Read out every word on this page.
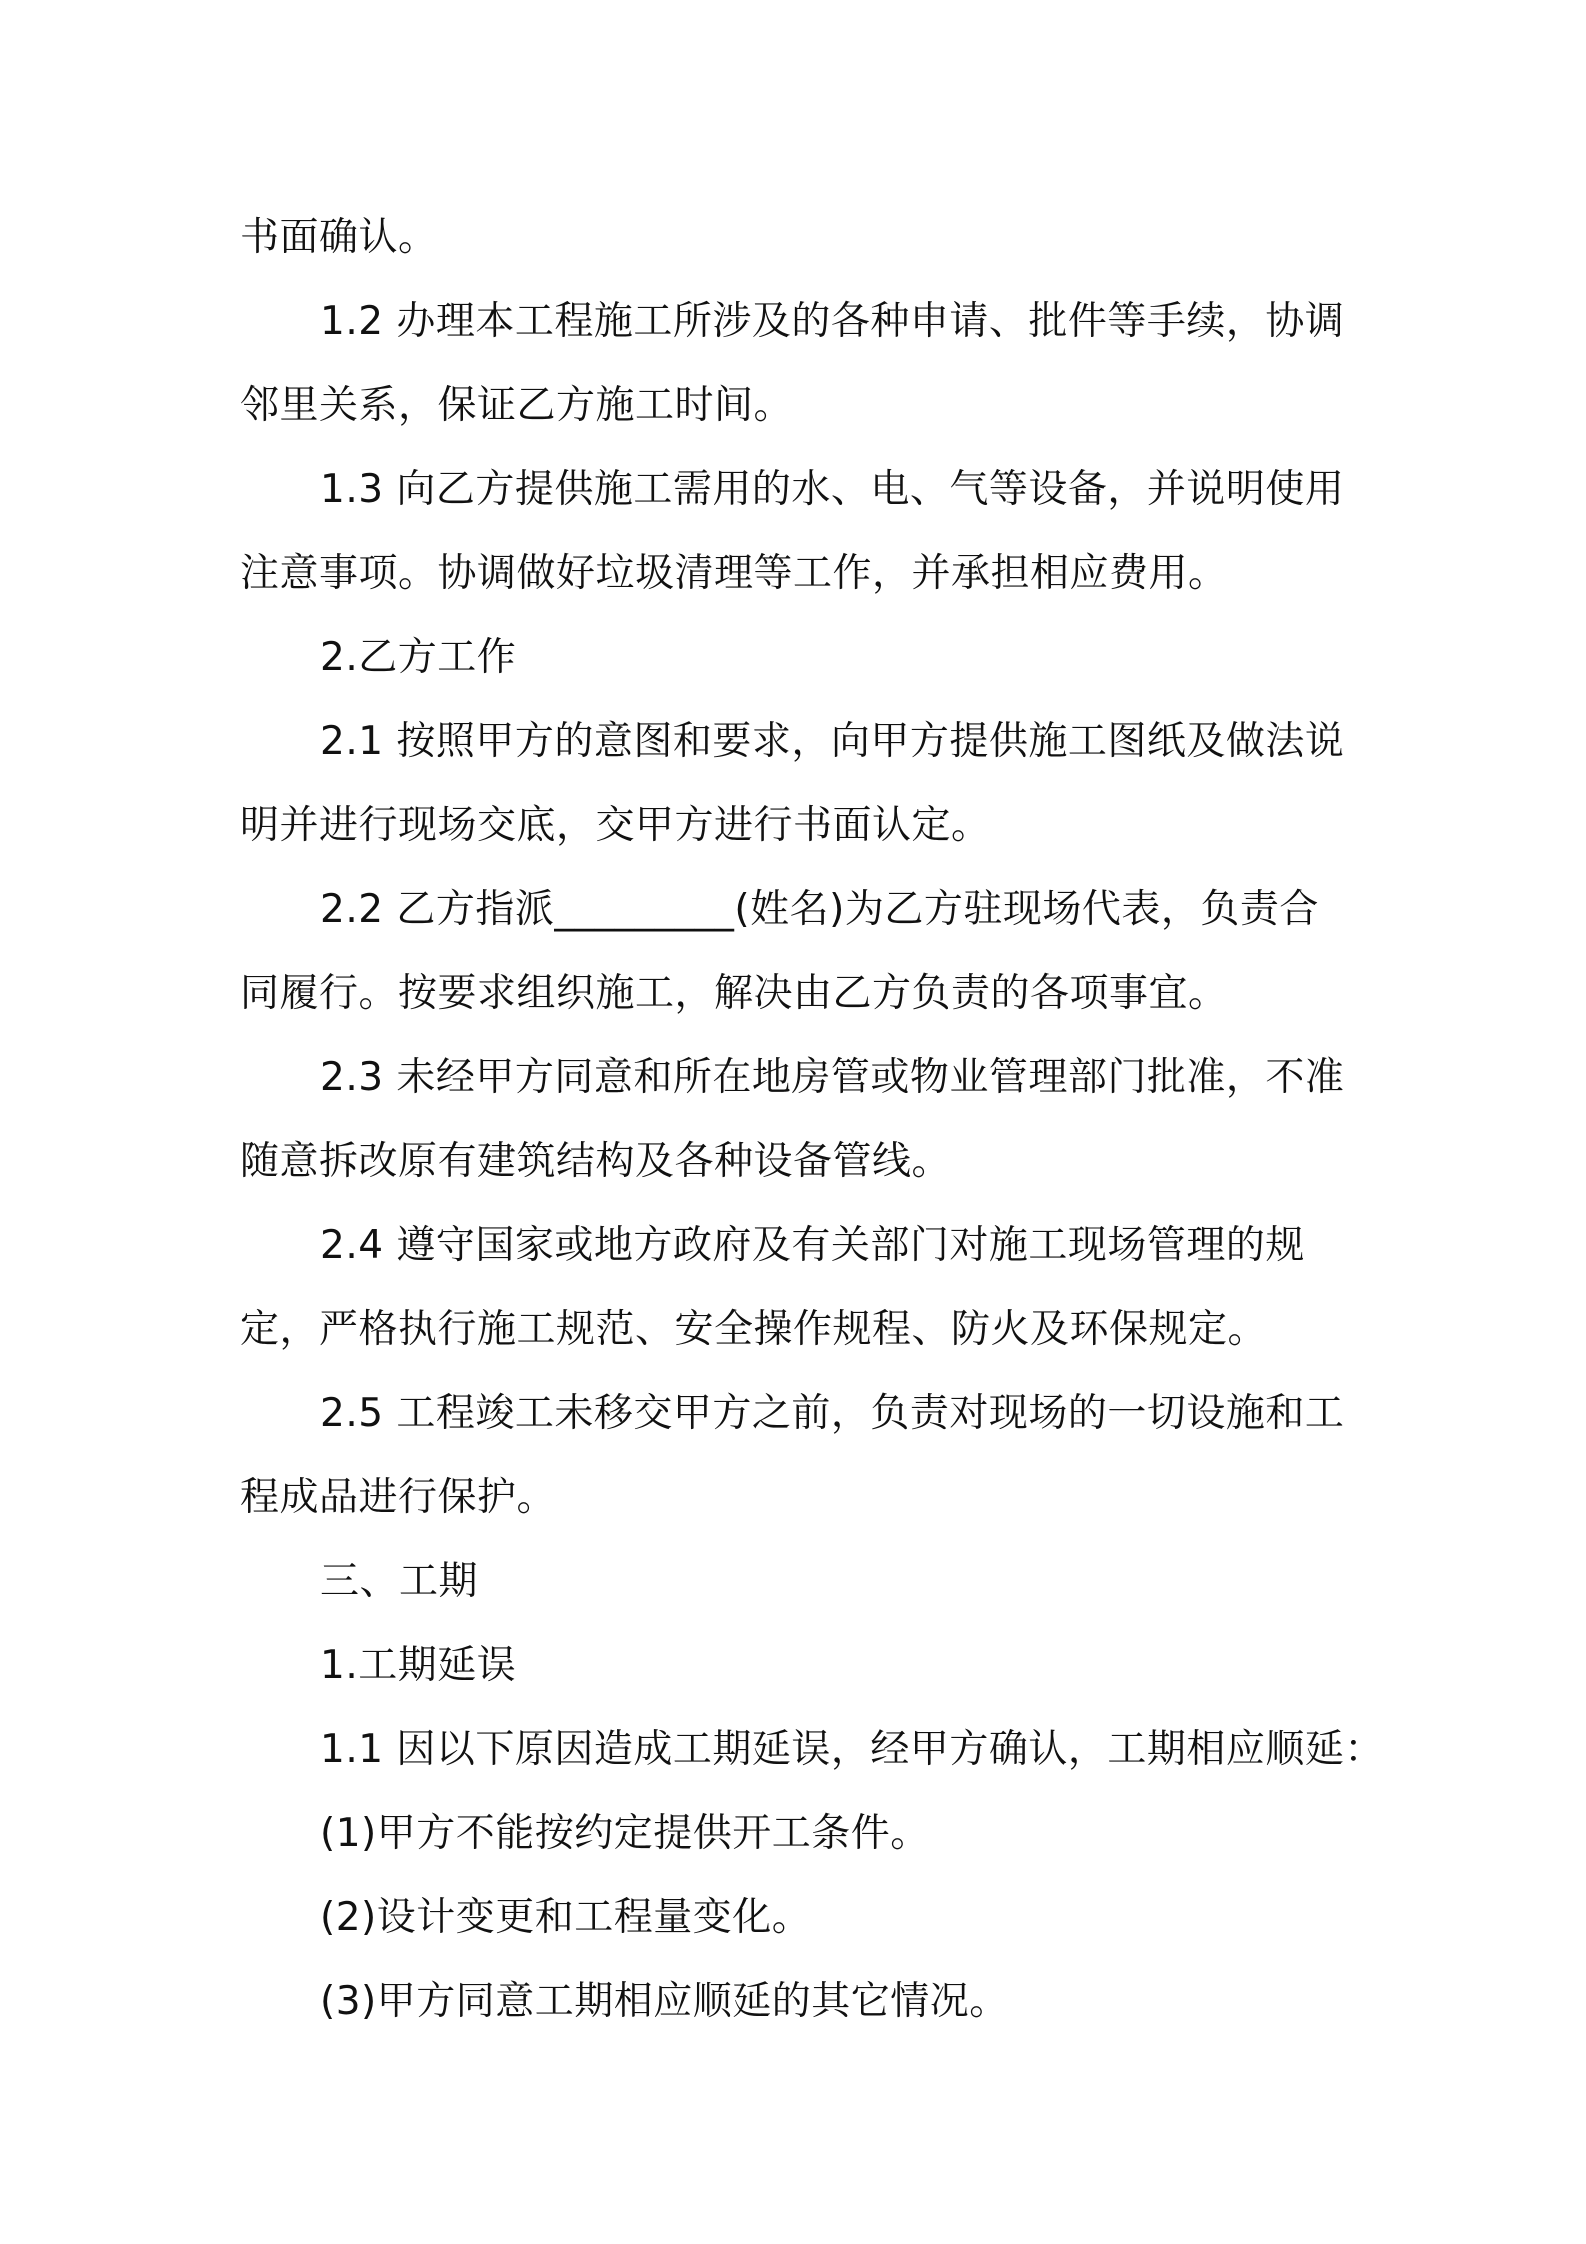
书面确认。
1.2 办理本工程施工所涉及的各种申请、批件等手续，协调
邻里关系，保证乙方施工时间。
1.3 向乙方提供施工需用的水、电、气等设备，并说明使用
注意事项。协调做好垃圾清理等工作，并承担相应费用。
2.乙方工作
2.1 按照甲方的意图和要求，向甲方提供施工图纸及做法说
明并进行现场交底，交甲方进行书面认定。
2.2 乙方指派_________(姓名)为乙方驻现场代表，负责合
同履行。按要求组织施工，解决由乙方负责的各项事宜。
2.3 未经甲方同意和所在地房管或物业管理部门批准，不准
随意拆改原有建筑结构及各种设备管线。
2.4 遵守国家或地方政府及有关部门对施工现场管理的规
定，严格执行施工规范、安全操作规程、防火及环保规定。
2.5 工程竣工未移交甲方之前，负责对现场的一切设施和工
程成品进行保护。
三、工期
1.工期延误
1.1 因以下原因造成工期延误，经甲方确认，工期相应顺延：
(1)甲方不能按约定提供开工条件。
(2)设计变更和工程量变化。
(3)甲方同意工期相应顺延的其它情况。
